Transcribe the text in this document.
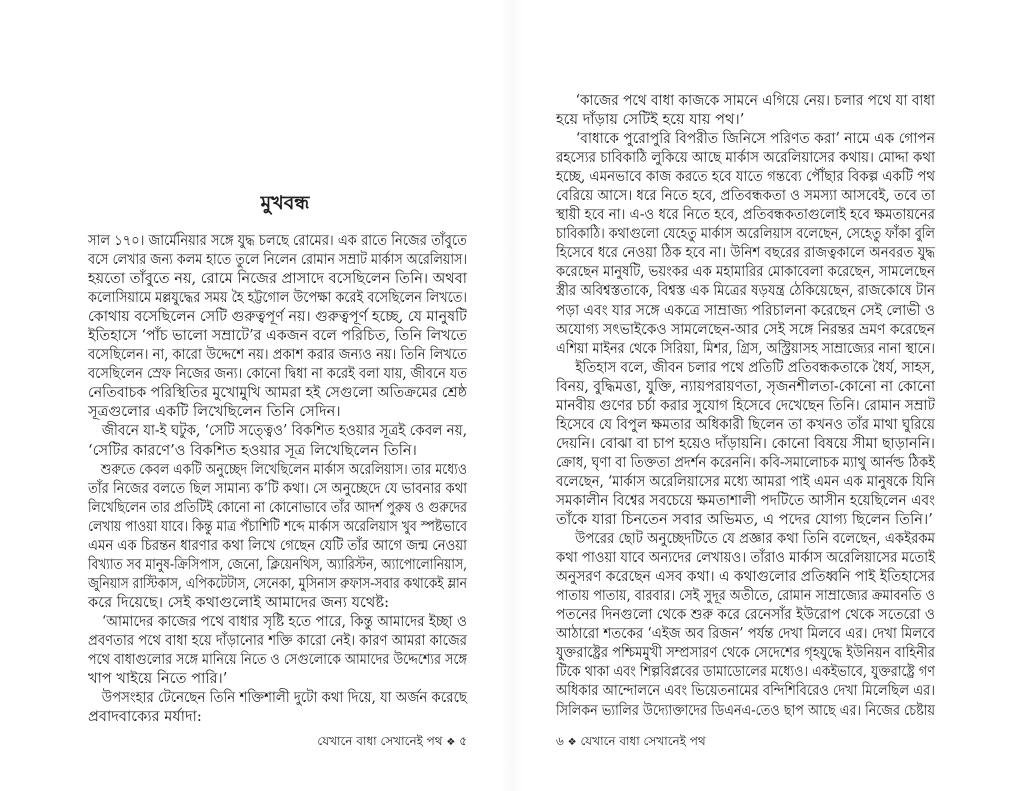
মুখবন্ধ
সাল ১৭০। জার্মেনিয়ার সঙ্গে যুদ্ধ চলছে রোমের। এক রাতে নিজের তাঁবুতে
বসে লেখার জন্য কলম হাতে তুলে নিলেন রোমান সম্রাট মার্কাস অরেলিয়াস।
হয়তো তাঁবুতে নয়, রোমে নিজের প্রাসাদে বসেছিলেন তিনি। অথবা
কলোসিয়ামে মল্লযুদ্ধের সময় হৈ হট্টগোল উপেক্ষা করেই বসেছিলেন লিখতে।
কোথায় বসেছিলেন সেটি গুরুত্বপূর্ণ নয়। গুরুত্বপূর্ণ হচ্ছে, যে মানুষটি
ইতিহাসে ‘পাঁচ ভালো সম্রাটে’র একজন বলে পরিচিত, তিনি লিখতে
বসেছিলেন। না, কারো উদ্দেশে নয়। প্রকাশ করার জন্যও নয়। তিনি লিখতে
বসেছিলেন স্রেফ নিজের জন্য। কোনো দ্বিধা না করেই বলা যায়, জীবনে যত
নেতিবাচক পরিস্থিতির মুখোমুখি আমরা হই সেগুলো অতিক্রমের শ্রেষ্ঠ
সূত্রগুলোর একটি লিখেছিলেন তিনি সেদিন।
জীবনে যা-ই ঘটুক, ‘সেটি সত্ত্বেও’ বিকশিত হওয়ার সূত্রই কেবল নয়,
‘সেটির কারণে’ও বিকশিত হওয়ার সূত্র লিখেছিলেন তিনি।
শুরুতে কেবল একটি অনুচ্ছেদ লিখেছিলেন মার্কাস অরেলিয়াস। তার মধ্যেও
তাঁর নিজের বলতে ছিল সামান্য ক’টি কথা। সে অনুচ্ছেদে যে ভাবনার কথা
লিখেছিলেন তার প্রতিটিই কোনো না কোনোভাবে তাঁর আদর্শ পুরুষ ও গুরুদের
লেখায় পাওয়া যাবে। কিন্তু মাত্র পঁচাশিটি শব্দে মার্কাস অরেলিয়াস খুব স্পষ্টভাবে
এমন এক চিরন্তন ধারণার কথা লিখে গেছেন যেটি তাঁর আগে জন্ম নেওয়া
বিখ্যাত সব মানুষ-ক্রিসিপাস, জেনো, ক্লিয়েনথিস, অ্যারিস্টন, অ্যাপোলোনিয়াস,
জুনিয়াস রাস্টিকাস, এপিকটেটাস, সেনেকা, মুসিনাস রুফাস-সবার কথাকেই ম্লান
করে দিয়েছে। সেই কথাগুলোই আমাদের জন্য যথেষ্ট:
‘আমাদের কাজের পথে বাধার সৃষ্টি হতে পারে, কিন্তু আমাদের ইচ্ছা ও
প্রবণতার পথে বাধা হয়ে দাঁড়ানোর শক্তি কারো নেই। কারণ আমরা কাজের
পথে বাধাগুলোর সঙ্গে মানিয়ে নিতে ও সেগুলোকে আমাদের উদ্দেশ্যের সঙ্গে
খাপ খাইয়ে নিতে পারি।’
উপসংহার টেনেছেন তিনি শক্তিশালী দুটো কথা দিয়ে, যা অর্জন করেছে
প্রবাদবাক্যের মর্যাদা:
যেখানে বাধা সেখানেই পথ ❖ ৫
‘কাজের পথে বাধা কাজকে সামনে এগিয়ে নেয়। চলার পথে যা বাধা
হয়ে দাঁড়ায় সেটিই হয়ে যায় পথ।’
‘বাধাকে পুরোপুরি বিপরীত জিনিসে পরিণত করা’ নামে এক গোপন
রহস্যের চাবিকাঠি লুকিয়ে আছে মার্কাস অরেলিয়াসের কথায়। মোদ্দা কথা
হচ্ছে, এমনভাবে কাজ করতে হবে যাতে গন্তব্যে পৌঁছার বিকল্প একটি পথ
বেরিয়ে আসে। ধরে নিতে হবে, প্রতিবন্ধকতা ও সমস্যা আসবেই, তবে তা
স্থায়ী হবে না। এ-ও ধরে নিতে হবে, প্রতিবন্ধকতাগুলোই হবে ক্ষমতায়নের
চাবিকাঠি। কথাগুলো যেহেতু মার্কাস অরেলিয়াস বলেছেন, সেহেতু ফাঁকা বুলি
হিসেবে ধরে নেওয়া ঠিক হবে না। উনিশ বছরের রাজত্বকালে অনবরত যুদ্ধ
করেছেন মানুষটি, ভয়ংকর এক মহামারির মোকাবেলা করেছেন, সামলেছেন
স্ত্রীর অবিশ্বস্ততাকে, বিশ্বস্ত এক মিত্রের ষড়যন্ত্র ঠেকিয়েছেন, রাজকোষে টান
পড়া এবং যার সঙ্গে একত্রে সাম্রাজ্য পরিচালনা করেছেন সেই লোভী ও
অযোগ্য সৎভাইকেও সামলেছেন-আর সেই সঙ্গে নিরন্তর ভ্রমণ করেছেন
এশিয়া মাইনর থেকে সিরিয়া, মিশর, গ্রিস, অস্ট্রিয়াসহ সাম্রাজ্যের নানা স্থানে।
ইতিহাস বলে, জীবন চলার পথে প্রতিটি প্রতিবন্ধকতাকে ধৈর্য, সাহস,
বিনয়, বুদ্ধিমত্তা, যুক্তি, ন্যায়পরায়ণতা, সৃজনশীলতা-কোনো না কোনো
মানবীয় গুণের চর্চা করার সুযোগ হিসেবে দেখেছেন তিনি। রোমান সম্রাট
হিসেবে যে বিপুল ক্ষমতার অধিকারী ছিলেন তা কখনও তাঁর মাথা ঘুরিয়ে
দেয়নি। বোঝা বা চাপ হয়েও দাঁড়ায়নি। কোনো বিষয়ে সীমা ছাড়াননি।
ক্রোধ, ঘৃণা বা তিক্ততা প্রদর্শন করেননি। কবি-সমালোচক ম্যাথু আর্নল্ড ঠিকই
বলেছেন, ‘মার্কাস অরেলিয়াসের মধ্যে আমরা পাই এমন এক মানুষকে যিনি
সমকালীন বিশ্বের সবচেয়ে ক্ষমতাশালী পদটিতে আসীন হয়েছিলেন এবং
তাঁকে যারা চিনতেন সবার অভিমত, এ পদের যোগ্য ছিলেন তিনি।’
উপরের ছোট অনুচ্ছেদটিতে যে প্রজ্ঞার কথা তিনি বলেছেন, একইরকম
কথা পাওয়া যাবে অন্যদের লেখায়ও। তাঁরাও মার্কাস অরেলিয়াসের মতোই
অনুসরণ করেছেন এসব কথা। এ কথাগুলোর প্রতিধ্বনি পাই ইতিহাসের
পাতায় পাতায়, বারবার। সেই সুদূর অতীতে, রোমান সাম্রাজ্যের ক্রমাবনতি ও
পতনের দিনগুলো থেকে শুরু করে রেনেসাঁর ইউরোপ থেকে সতেরো ও
আঠারো শতকের ‘এইজ অব রিজন’ পর্যন্ত দেখা মিলবে এর। দেখা মিলবে
যুক্তরাষ্ট্রের পশ্চিমমুখী সম্প্রসারণ থেকে সেদেশের গৃহযুদ্ধে ইউনিয়ন বাহিনীর
টিকে থাকা এবং শিল্পবিপ্লবের ডামাডোলের মধ্যেও। একইভাবে, যুক্তরাষ্ট্রে গণ
অধিকার আন্দোলনে এবং ভিয়েতনামের বন্দিশিবিরেও দেখা মিলেছিল এর।
সিলিকন ভ্যালির উদ্যোক্তাদের ডিএনএ-তেও ছাপ আছে এর। নিজের চেষ্টায়
৬ ❖ যেখানে বাধা সেখানেই পথ
